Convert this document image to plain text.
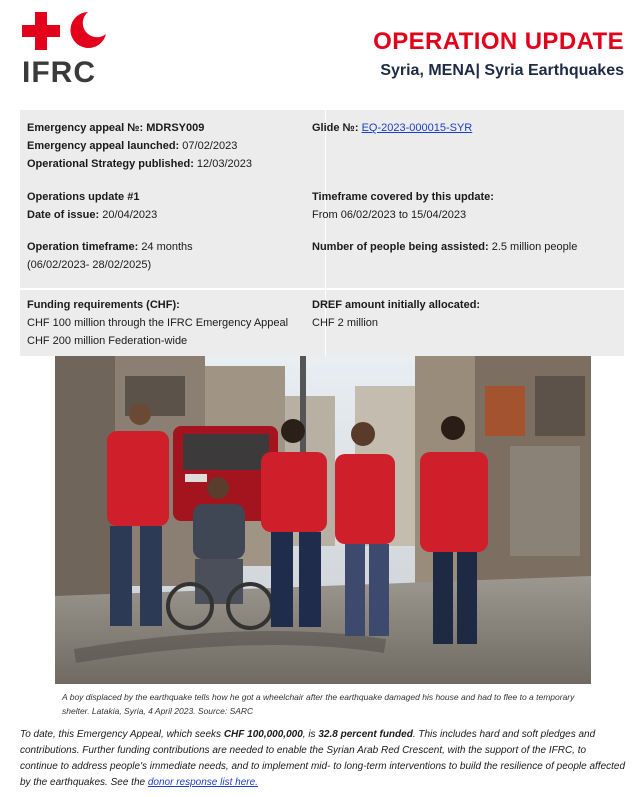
IFRC
OPERATION UPDATE
Syria, MENA| Syria Earthquakes
Emergency appeal №: MDRSY009
Emergency appeal launched: 07/02/2023
Operational Strategy published: 12/03/2023
Glide №: EQ-2023-000015-SYR
Operations update #1
Date of issue: 20/04/2023
Timeframe covered by this update:
From 06/02/2023 to 15/04/2023
Operation timeframe: 24 months
(06/02/2023- 28/02/2025)
Number of people being assisted: 2.5 million people
Funding requirements (CHF):
CHF 100 million through the IFRC Emergency Appeal
CHF 200 million Federation-wide
DREF amount initially allocated:
CHF 2 million
A boy displaced by the earthquake tells how he got a wheelchair after the earthquake damaged his house and had to flee to a temporary shelter. Latakia, Syria, 4 April 2023. Source: SARC
To date, this Emergency Appeal, which seeks CHF 100,000,000, is 32.8 percent funded. This includes hard and soft pledges and contributions. Further funding contributions are needed to enable the Syrian Arab Red Crescent, with the support of the IFRC, to continue to address people's immediate needs, and to implement mid- to long-term interventions to build the resilience of people affected by the earthquakes. See the donor response list here.
